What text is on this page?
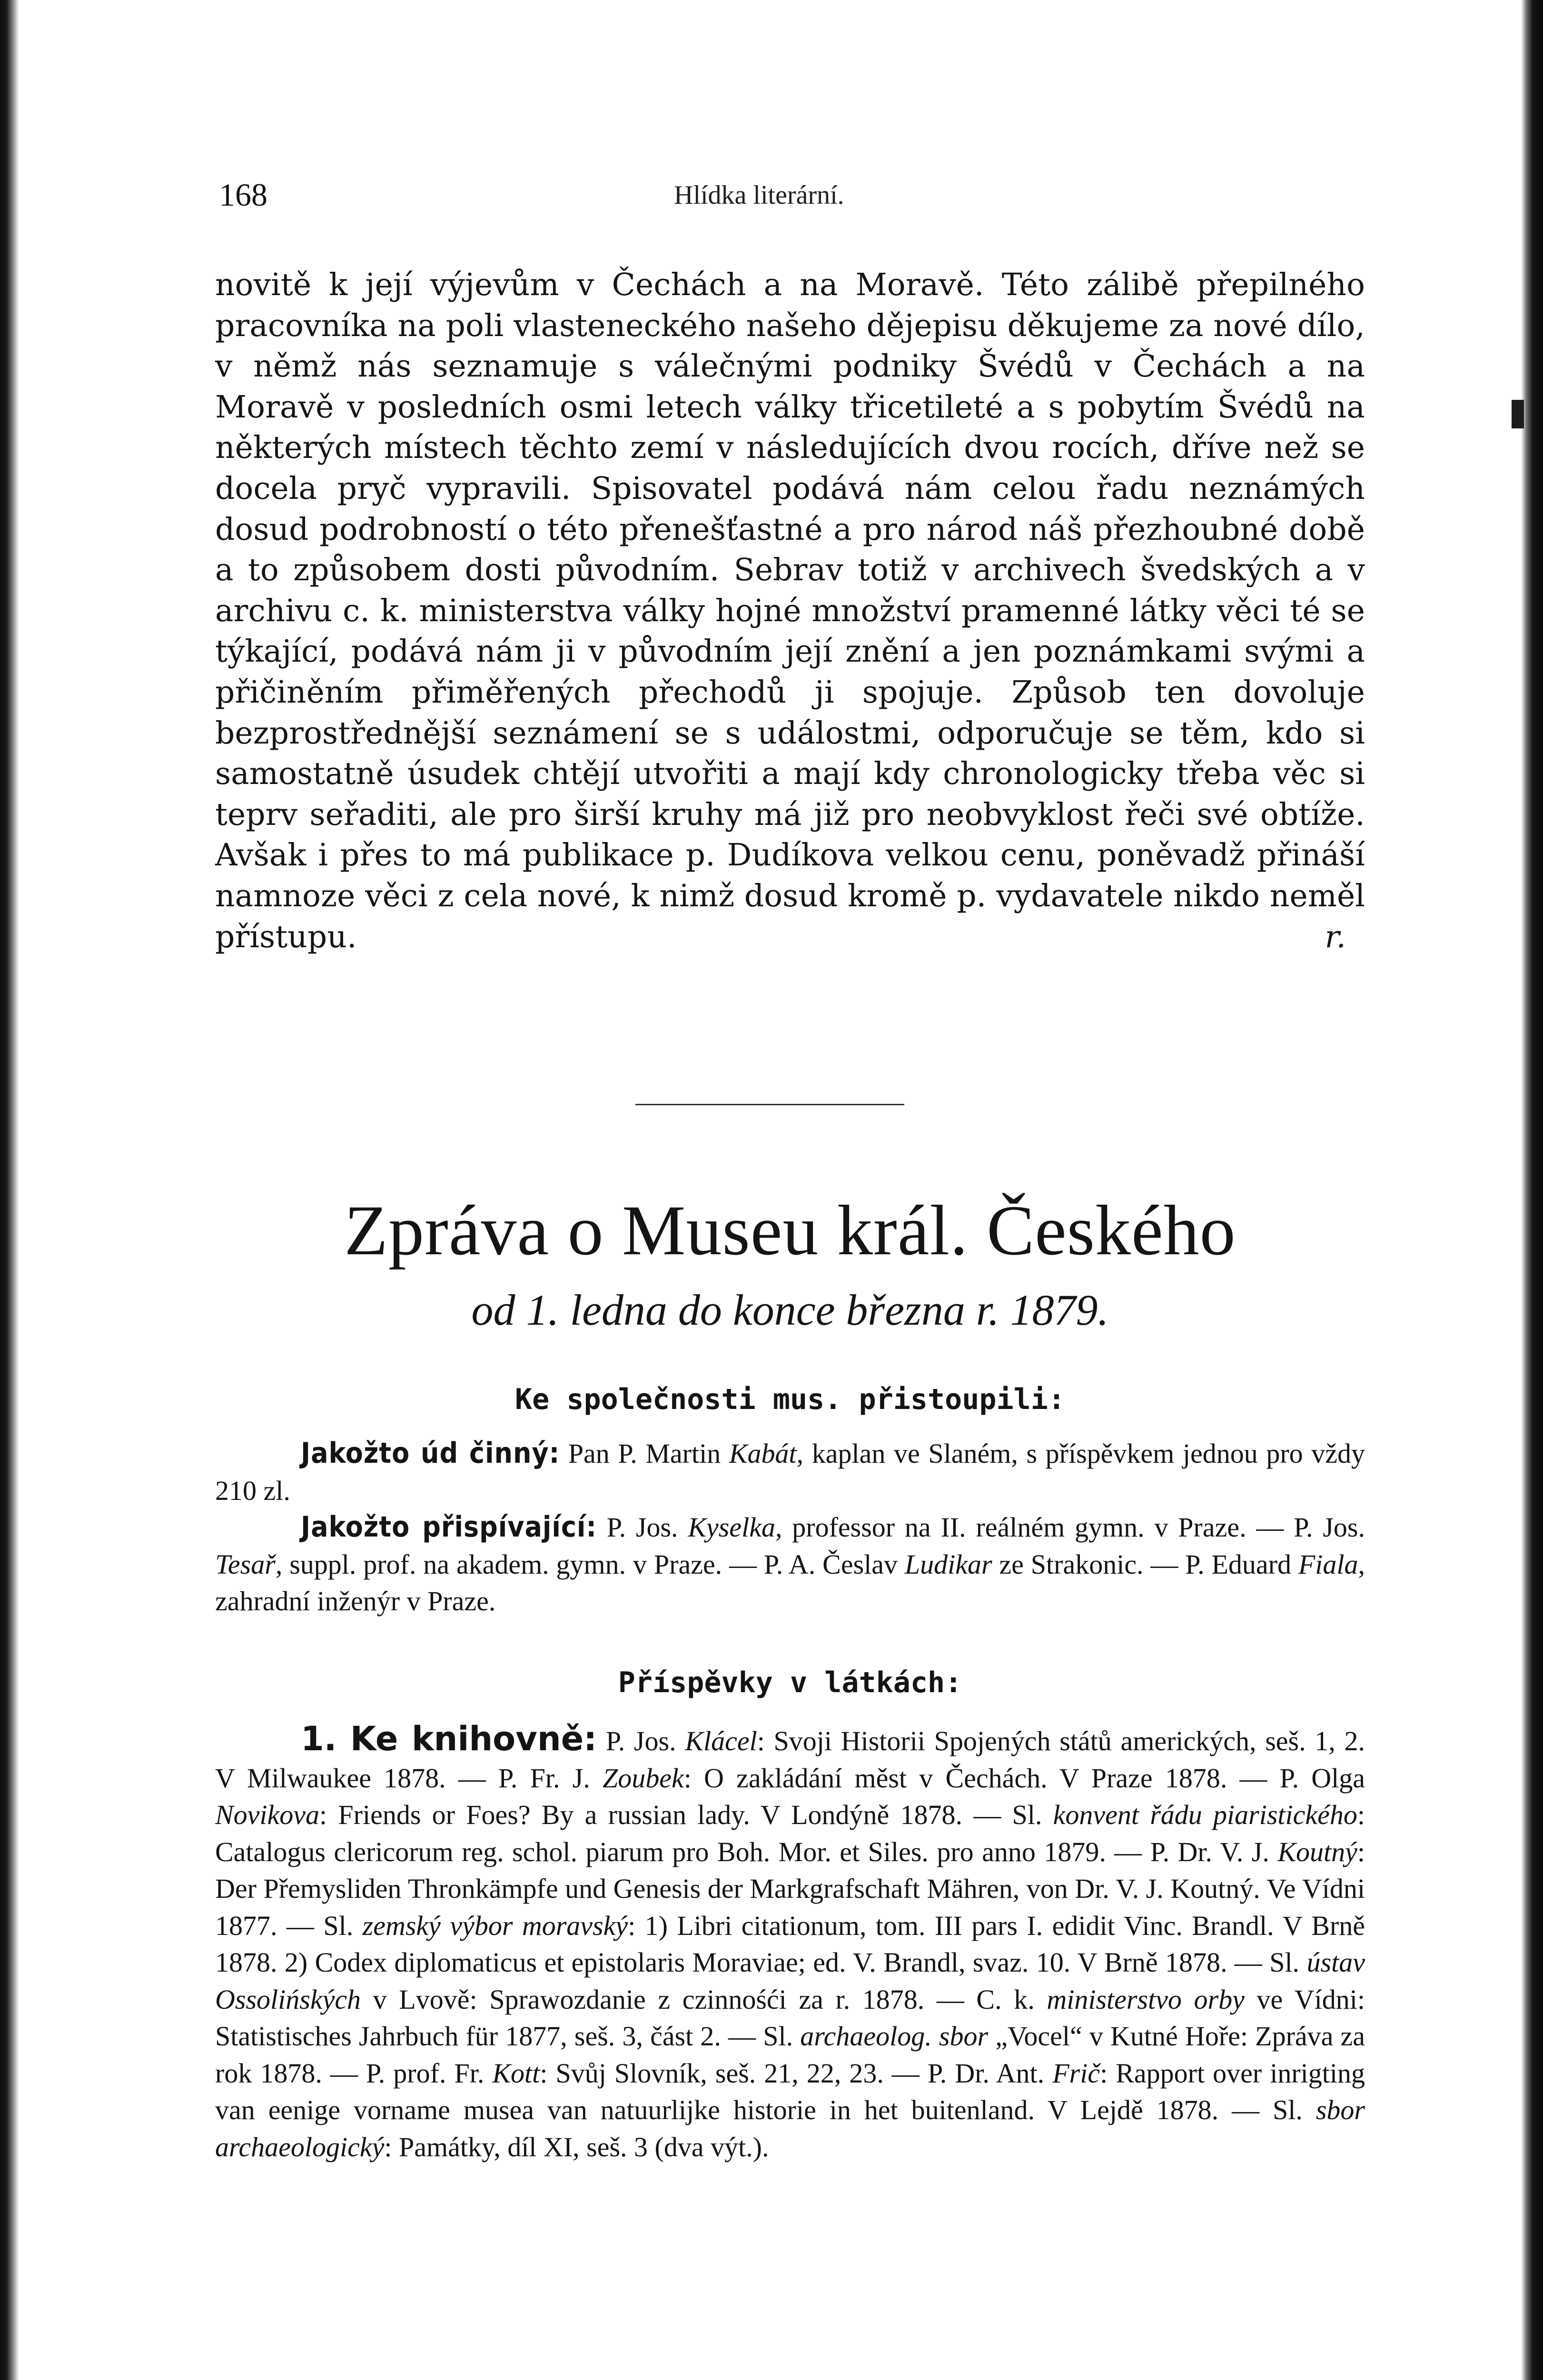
168	Hlídka literární.

novitě k její výjevům v Čechách a na Moravě. Této zálibě přepilného pracovníka na poli vlasteneckého našeho dějepisu děkujeme za nové dílo, v němž nás seznamuje s válečnými podniky Švédů v Čechách a na Moravě v posledních osmi letech války třicetileté a s pobytím Švédů na některých místech těchto zemí v následujících dvou rocích, dříve než se docela pryč vypravili. Spisovatel podává nám celou řadu neznámých dosud podrobností o této přenešťastné a pro národ náš přezhoubné době a to způsobem dosti původním. Sebrav totiž v archivech švedských a v archivu c. k. ministerstva války hojné množství pramenné látky věci té se týkající, podává nám ji v původním její znění a jen poznámkami svými a přičiněním přiměřených přechodů ji spojuje. Způsob ten dovoluje bezprostřednější seznámení se s událostmi, odporučuje se těm, kdo si samostatně úsudek chtějí utvořiti a mají kdy chronologicky třeba věc si teprv seřaditi, ale pro širší kruhy má již pro neobvyklost řeči své obtíže. Avšak i přes to má publikace p. Dudíkova velkou cenu, poněvadž přináší namnoze věci z cela nové, k nimž dosud kromě p. vydavatele nikdo neměl přístupu.	r.

Zpráva o Museu král. Českého

od 1. ledna do konce března r. 1879.

Ke společnosti mus. přistoupili:

Jakožto úd činný: Pan P. Martin Kabát, kaplan ve Slaném, s příspěvkem jednou pro vždy 210 zl.

Jakožto přispívající: P. Jos. Kyselka, professor na II. reálném gymn. v Praze. — P. Jos. Tesař, suppl. prof. na akadem. gymn. v Praze. — P. A. Česlav Ludikar ze Strakonic. — P. Eduard Fiala, zahradní inženýr v Praze.

Příspěvky v látkách:

1. Ke knihovně: P. Jos. Klácel: Svoji Historii Spojených států amerických, seš. 1, 2. V Milwaukee 1878. — P. Fr. J. Zoubek: O zakládání měst v Čechách. V Praze 1878. — P. Olga Novikova: Friends or Foes? By a russian lady. V Londýně 1878. — Sl. konvent řádu piaristického: Catalogus clericorum reg. schol. piarum pro Boh. Mor. et Siles. pro anno 1879. — P. Dr. V. J. Koutný: Der Přemysliden Thronkämpfe und Genesis der Markgrafschaft Mähren, von Dr. V. J. Koutný. Ve Vídni 1877. — Sl. zemský výbor moravský: 1) Libri citationum, tom. III pars I. edidit Vinc. Brandl. V Brně 1878. 2) Codex diplomaticus et epistolaris Moraviae; ed. V. Brandl, svaz. 10. V Brně 1878. — Sl. ústav Ossolińských v Lvově: Sprawozdanie z czinnośći za r. 1878. — C. k. ministerstvo orby ve Vídni: Statistisches Jahrbuch für 1877, seš. 3, část 2. — Sl. archaeolog. sbor „Vocel“ v Kutné Hoře: Zpráva za rok 1878. — P. prof. Fr. Kott: Svůj Slovník, seš. 21, 22, 23. — P. Dr. Ant. Frič: Rapport over inrigting van eenige vorname musea van natuurlijke historie in het buitenland. V Lejdě 1878. — Sl. sbor archaeologický: Památky, díl XI, seš. 3 (dva výt.).
